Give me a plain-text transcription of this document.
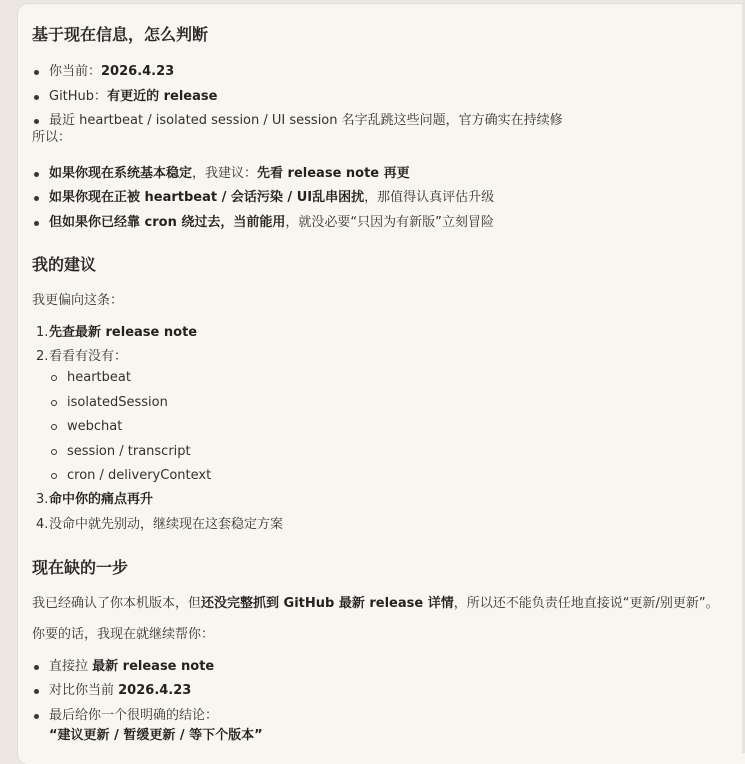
基于现在信息，怎么判断
你当前：2026.4.23
GitHub：有更近的 release
最近 heartbeat / isolated session / UI session 名字乱跳这些问题，官方确实在持续修
所以：
如果你现在系统基本稳定，我建议：先看 release note 再更
如果你现在正被 heartbeat / 会话污染 / UI乱串困扰，那值得认真评估升级
但如果你已经靠 cron 绕过去，当前能用，就没必要“只因为有新版”立刻冒险
我的建议
我更偏向这条：
1. 先查最新 release note
2. 看看有没有：
heartbeat
isolatedSession
webchat
session / transcript
cron / deliveryContext
3. 命中你的痛点再升
4. 没命中就先别动，继续现在这套稳定方案
现在缺的一步
我已经确认了你本机版本，但还没完整抓到 GitHub 最新 release 详情，所以还不能负责任地直接说“更新/别更新”。
你要的话，我现在就继续帮你：
直接拉 最新 release note
对比你当前 2026.4.23
最后给你一个很明确的结论：
“建议更新 / 暂缓更新 / 等下个版本”
